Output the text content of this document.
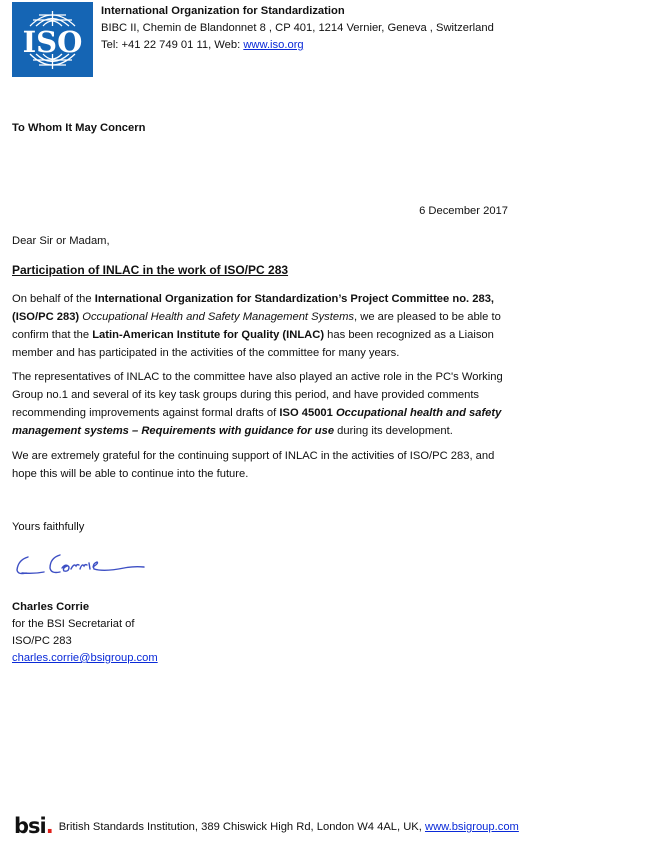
ISO
International Organization for Standardization
BIBC II, Chemin de Blandonnet 8 , CP 401, 1214 Vernier, Geneva , Switzerland
Tel: +41 22 749 01 11, Web: www.iso.org
To Whom It May Concern
6 December 2017
Dear Sir or Madam,
Participation of INLAC in the work of ISO/PC 283
On behalf of the International Organization for Standardization’s Project Committee no. 283, (ISO/PC 283) Occupational Health and Safety Management Systems, we are pleased to be able to confirm that the Latin-American Institute for Quality (INLAC) has been recognized as a Liaison member and has participated in the activities of the committee for many years.
The representatives of INLAC to the committee have also played an active role in the PC's Working Group no.1 and several of its key task groups during this period, and have provided comments recommending improvements against formal drafts of ISO 45001 Occupational health and safety management systems – Requirements with guidance for use during its development.
We are extremely grateful for the continuing support of INLAC in the activities of ISO/PC 283, and hope this will be able to continue into the future.
Yours faithfully
Charles Corrie
for the BSI Secretariat of
ISO/PC 283
charles.corrie@bsigroup.com
bsi. British Standards Institution, 389 Chiswick High Rd, London W4 4AL, UK, www.bsigroup.com
